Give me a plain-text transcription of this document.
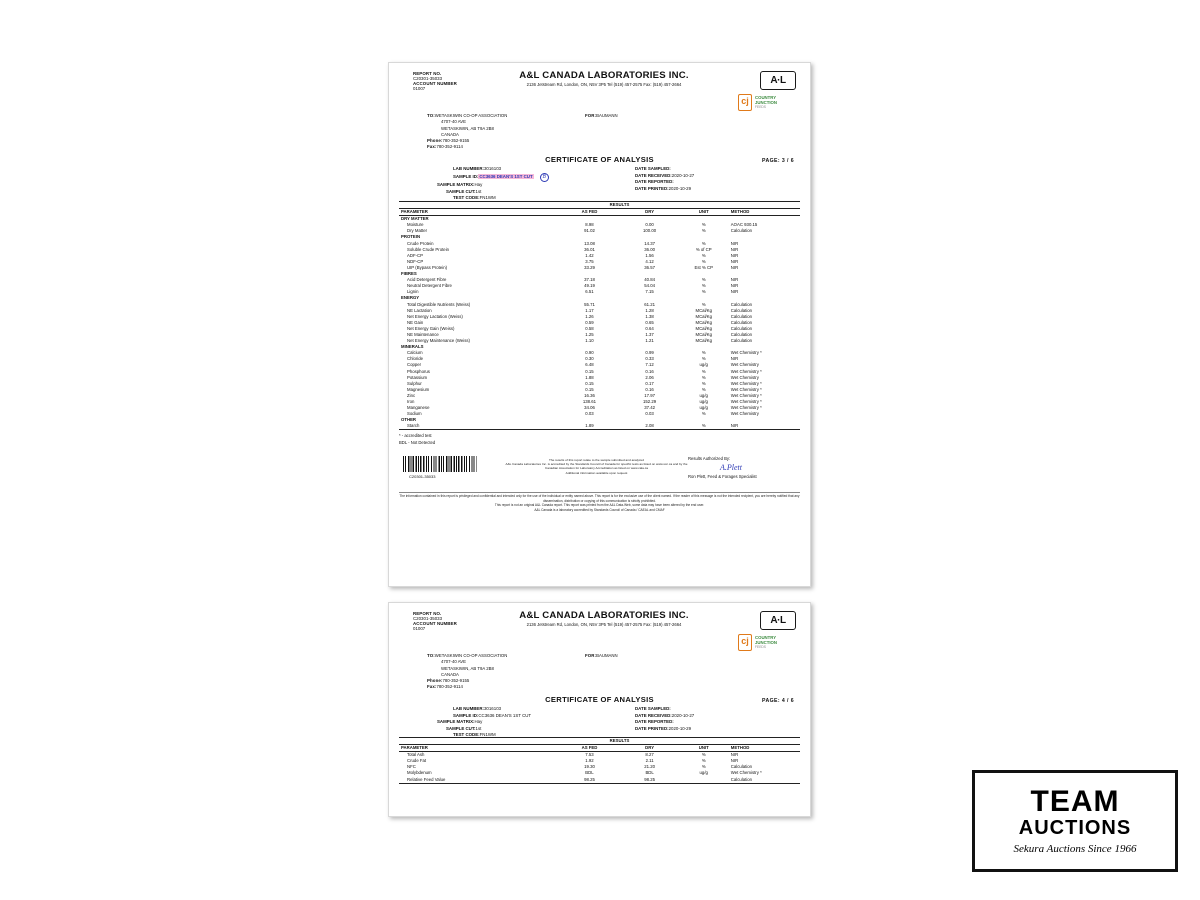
REPORT NO.
C20301-35033
ACCOUNT NUMBER
01007
A&L CANADA LABORATORIES INC.
2136 Jetstream Rd, London, ON, N5V 3P5 Tel (519) 457-2575 Fax: (519) 457-2664	A·L
cj	COUNTRY
JUNCTION
FEEDS
TO:WETASKIWIN CO-OP ASSOCIATION
4707-40 AVE
WETASKIWIN, AB T9A 2B8
CANADA
Phone:780-352-9155
Fax:780-352-9114
FOR:BAUMANN
CERTIFICATE OF ANALYSIS	PAGE: 3 / 6
LAB NUMBER:3016103
SAMPLE ID:CC3636 DEAN'S 1ST CUT B
SAMPLE MATRIX:Hay
SAMPLE CUT:1st
TEST CODE:FN1WM
DATE SAMPLED:
DATE RECEIVED:2020-10-27
DATE REPORTED:
DATE PRINTED:2020-10-29
	RESULTS			
PARAMETER	AS FED	DRY	UNIT	METHOD
DRY MATTER				
Moisture	8.98	0.00	%	AOAC 930.15
Dry Matter	91.02	100.00	%	Calculation
PROTEIN				
Crude Protein	13.08	14.37	%	NIR
Soluble Crude Protein	36.01	36.00	% of CP	NIR
ADF-CP	1.42	1.56	%	NIR
NDF-CP	3.75	4.12	%	NIR
UIP (Bypass Protein)	33.29	36.57	Est % CP	NIR
FIBRES				
Acid Detergent Fibre	37.18	40.84	%	NIR
Neutral Detergent Fibre	49.19	54.04	%	NIR
Lignin	6.51	7.15	%	NIR
ENERGY				
Total Digestible Nutrients (Weiss)	55.71	61.21	%	Calculation
NE Lactation	1.17	1.28	MCal/Kg	Calculation
Net Energy Lactation (Weiss)	1.26	1.38	MCal/Kg	Calculation
NE Gain	0.59	0.65	MCal/Kg	Calculation
Net Energy Gain (Weiss)	0.58	0.64	MCal/Kg	Calculation
NE Maintenance	1.25	1.37	MCal/Kg	Calculation
Net Energy Maintenance (Weiss)	1.10	1.21	MCal/Kg	Calculation
MINERALS				
Calcium	0.90	0.99	%	Wet Chemistry *
Chloride	0.30	0.33	%	NIR
Copper	6.48	7.12	ug/g	Wet Chemistry
Phosphorus	0.15	0.16	%	Wet Chemistry *
Potassium	1.88	2.06	%	Wet Chemistry
Sulphur	0.15	0.17	%	Wet Chemistry *
Magnesium	0.15	0.16	%	Wet Chemistry *
Zinc	16.36	17.97	ug/g	Wet Chemistry *
Iron	138.61	152.29	ug/g	Wet Chemistry *
Manganese	34.06	37.42	ug/g	Wet Chemistry *
Sodium	0.03	0.03	%	Wet Chemistry
OTHER				
Starch	1.89	2.08	%	NIR
* - accredited test
BDL - Not Detected
C20301-35033
The results of this report relate to the sample submitted and analyzed
A&L Canada Laboratories Inc. is accredited by the Standards Council of Canada for specific tests as listed on www.scc.ca and by the Canadian Association for Laboratory Accreditation as listed on www.cala.ca
Additional information available upon request
Results Authorized By:
A.Plett
Ron Plett, Feed & Forages Specialist
The information contained in this report is privileged and confidential and intended only for the use of the individual or entity named above. This report is for the exclusive use of the client named. If the reader of this message is not the intended recipient, you are hereby notified that any dissemination, distribution or copying of this communication is strictly prohibited.
This report is not an original A&L Canada report. This report was printed from the A&L Data-Web, some data may have been altered by the end user.
A&L Canada is a laboratory accredited by Standards Council of Canada / CAEAL and CMAF
REPORT NO.
C20301-35033
ACCOUNT NUMBER
01007
A&L CANADA LABORATORIES INC.
2136 Jetstream Rd, London, ON, N5V 3P5 Tel (519) 457-2575 Fax: (519) 457-2664	A·L
cj	COUNTRY
JUNCTION
FEEDS
TO:WETASKIWIN CO-OP ASSOCIATION
4707-40 AVE
WETASKIWIN, AB T9A 2B8
CANADA
Phone:780-352-9155
Fax:780-352-9114
FOR:BAUMANN
CERTIFICATE OF ANALYSIS	PAGE: 4 / 6
LAB NUMBER:3016103
SAMPLE ID:CC3636 DEAN'S 1ST CUT
SAMPLE MATRIX:Hay
SAMPLE CUT:1st
TEST CODE:FN1WM
DATE SAMPLED:
DATE RECEIVED:2020-10-27
DATE REPORTED:
DATE PRINTED:2020-10-29
	RESULTS			
PARAMETER	AS FED	DRY	UNIT	METHOD
Total Ash	7.53	8.27	%	NIR
Crude Fat	1.92	2.11	%	NIR
NFC	19.30	21.20	%	Calculation
Molybdenum	BDL	BDL	ug/g	Wet Chemistry *
Relative Feed Value	98.25	98.25		Calculation
TEAM
AUCTIONS
Sekura Auctions Since 1966
